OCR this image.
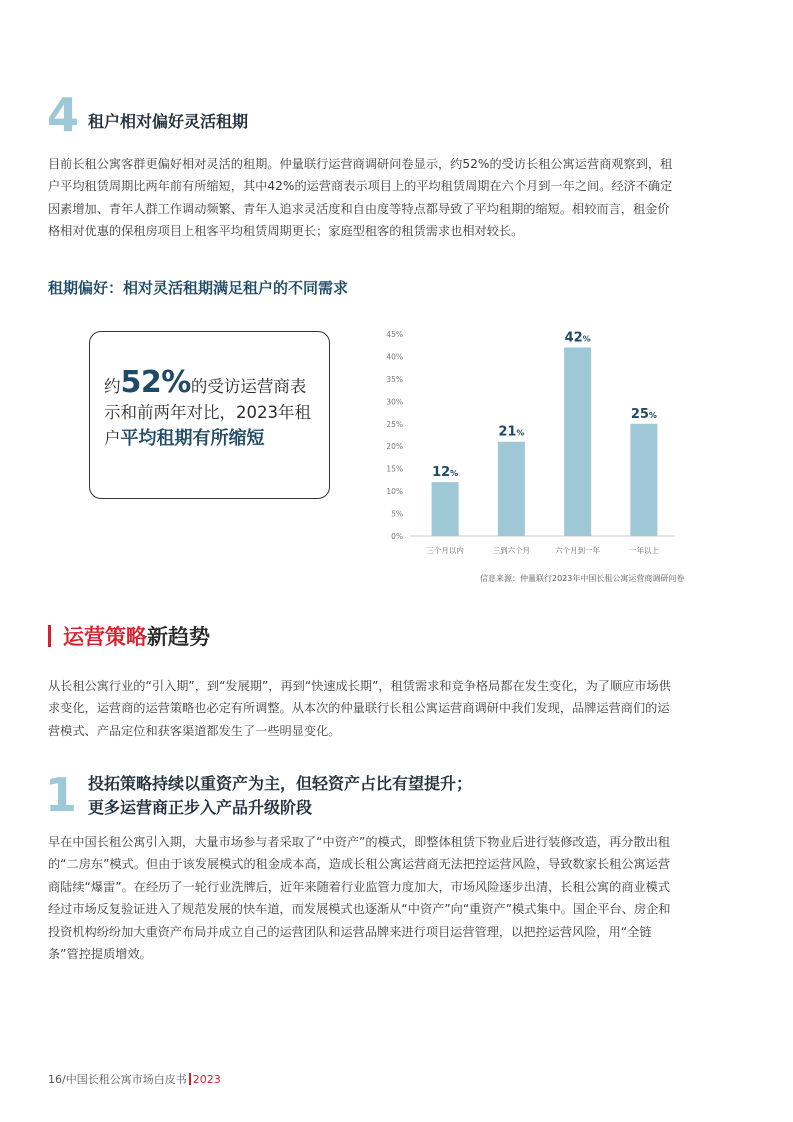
4 租户相对偏好灵活租期
目前长租公寓客群更偏好相对灵活的租期。仲量联行运营商调研问卷显示，约52%的受访长租公寓运营商观察到，租
户平均租赁周期比两年前有所缩短，其中42%的运营商表示项目上的平均租赁周期在六个月到一年之间。经济不确定
因素增加、青年人群工作调动频繁、青年人追求灵活度和自由度等特点都导致了平均租期的缩短。相较而言，租金价
格相对优惠的保租房项目上租客平均租赁周期更长；家庭型租客的租赁需求也相对较长。
租期偏好：相对灵活租期满足租户的不同需求
约52%的受访运营商表
示和前两年对比，2023年租
户平均租期有所缩短
0%
5%
10%
15%
20%
25%
30%
35%
40%
45%
12%
三个月以内
21%
三到六个月
42%
六个月到一年
25%
一年以上
信息来源：仲量联行2023年中国长租公寓运营商调研问卷
运营策略新趋势
从长租公寓行业的“引入期”，到“发展期”，再到“快速成长期”，租赁需求和竞争格局都在发生变化，为了顺应市场供
求变化，运营商的运营策略也必定有所调整。从本次的仲量联行长租公寓运营商调研中我们发现，品牌运营商们的运
营模式、产品定位和获客渠道都发生了一些明显变化。
1 投拓策略持续以重资产为主，但轻资产占比有望提升；
更多运营商正步入产品升级阶段
早在中国长租公寓引入期，大量市场参与者采取了“中资产”的模式，即整体租赁下物业后进行装修改造，再分散出租
的“二房东”模式。但由于该发展模式的租金成本高，造成长租公寓运营商无法把控运营风险，导致数家长租公寓运营
商陆续“爆雷”。在经历了一轮行业洗牌后，近年来随着行业监管力度加大，市场风险逐步出清，长租公寓的商业模式
经过市场反复验证进入了规范发展的快车道，而发展模式也逐渐从“中资产”向“重资产”模式集中。国企平台、房企和
投资机构纷纷加大重资产布局并成立自己的运营团队和运营品牌来进行项目运营管理，以把控运营风险，用“全链
条”管控提质增效。
16/中国长租公寓市场白皮书 2023
